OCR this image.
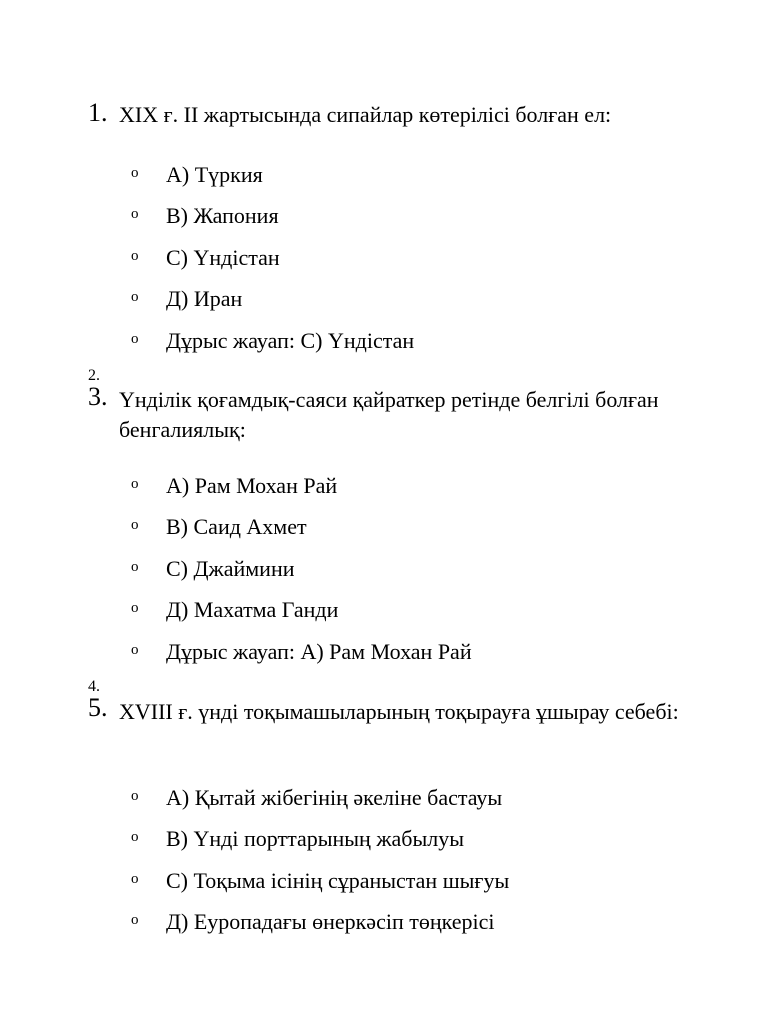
1. XIX ғ. II жартысында сипайлар көтерілісі болған ел:
o А) Түркия
o В) Жапония
o С) Үндістан
o Д) Иран
o Дұрыс жауап: С) Үндістан
2.
3. Үнділік қоғамдық-саяси қайраткер ретінде белгілі болған бенгалиялық:
o А) Рам Мохан Рай
o В) Саид Ахмет
o С) Джаймини
o Д) Махатма Ганди
o Дұрыс жауап: А) Рам Мохан Рай
4.
5. XVIII ғ. үнді тоқымашыларының тоқырауға ұшырау себебі:
o А) Қытай жібегінің әкеліне бастауы
o В) Үнді порттарының жабылуы
o С) Тоқыма ісінің сұраныстан шығуы
o Д) Еуропадағы өнеркәсіп төңкерісі
